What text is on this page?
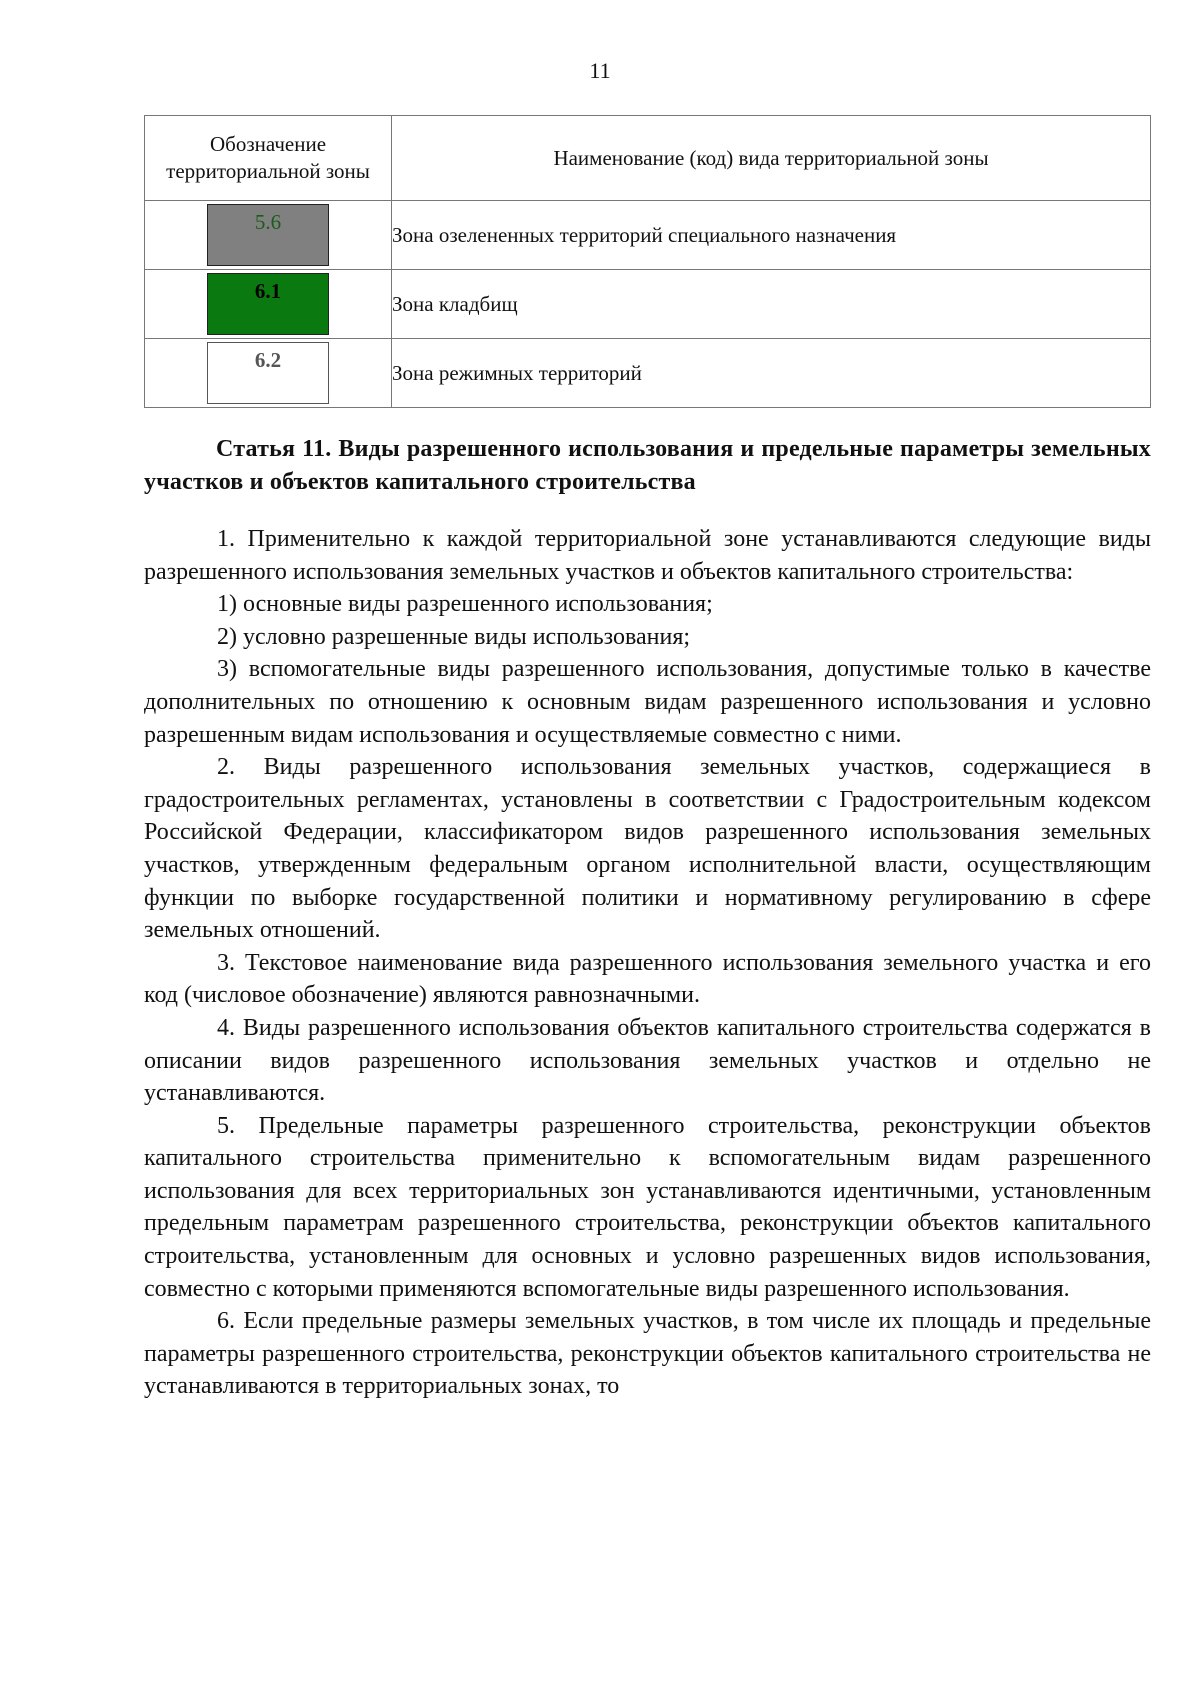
11
Обозначение территориальной зоны	Наименование (код) вида территориальной зоны
5.6	Зона озелененных территорий специального назначения
6.1	Зона кладбищ
6.2	Зона режимных территорий
Статья 11. Виды разрешенного использования и предельные параметры земельных участков и объектов капитального строительства

1. Применительно к каждой территориальной зоне устанавливаются следующие виды разрешенного использования земельных участков и объектов капитального строительства:

1) основные виды разрешенного использования;

2) условно разрешенные виды использования;

3) вспомогательные виды разрешенного использования, допустимые только в качестве дополнительных по отношению к основным видам разрешенного использования и условно разрешенным видам использования и осуществляемые совместно с ними.

2. Виды разрешенного использования земельных участков, содержащиеся в градостроительных регламентах, установлены в соответствии с Градостроительным кодексом Российской Федерации, классификатором видов разрешенного использования земельных участков, утвержденным федеральным органом исполнительной власти, осуществляющим функции по выборке государственной политики и нормативному регулированию в сфере земельных отношений.

3. Текстовое наименование вида разрешенного использования земельного участка и его код (числовое обозначение) являются равнозначными.

4. Виды разрешенного использования объектов капитального строительства содержатся в описании видов разрешенного использования земельных участков и отдельно не устанавливаются.

5. Предельные параметры разрешенного строительства, реконструкции объектов капитального строительства применительно к вспомогательным видам разрешенного использования для всех территориальных зон устанавливаются идентичными, установленным предельным параметрам разрешенного строительства, реконструкции объектов капитального строительства, установленным для основных и условно разрешенных видов использования, совместно с которыми применяются вспомогательные виды разрешенного использования.

6. Если предельные размеры земельных участков, в том числе их площадь и предельные параметры разрешенного строительства, реконструкции объектов капитального строительства не устанавливаются в территориальных зонах, то
